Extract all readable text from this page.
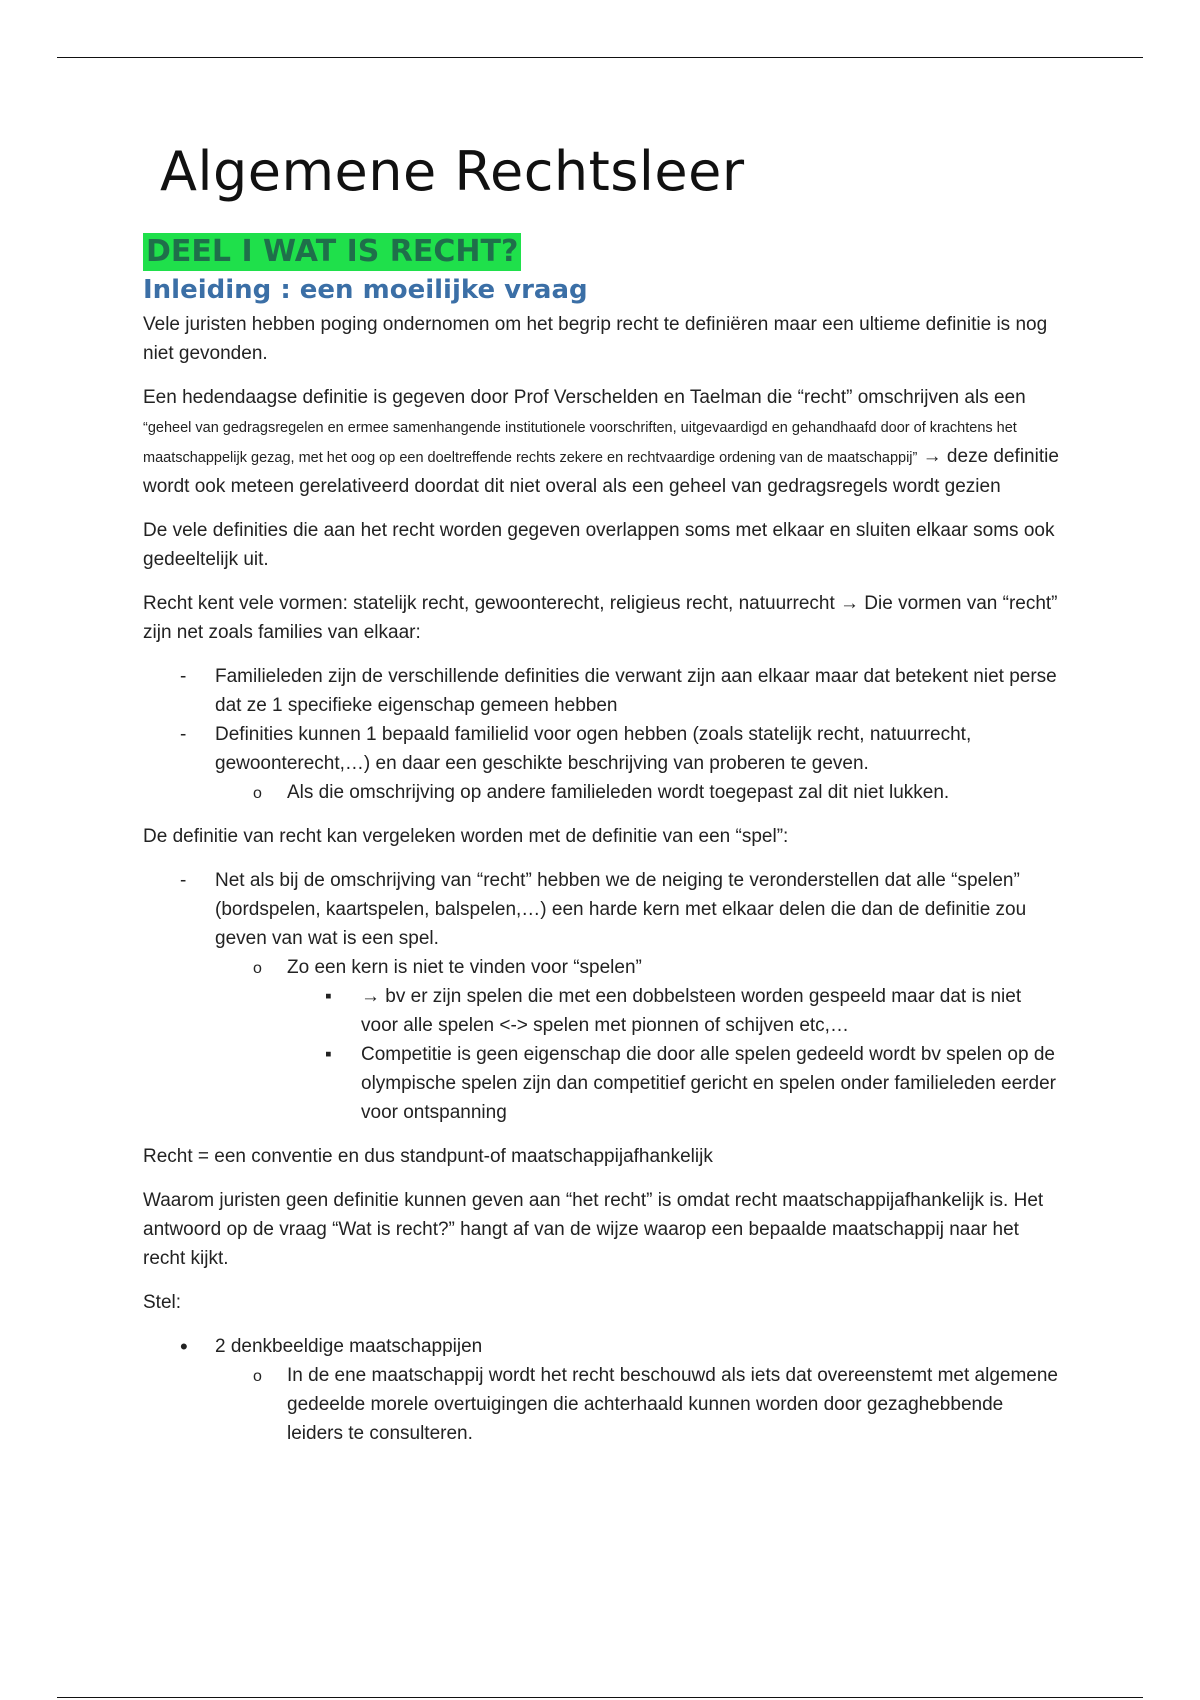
Algemene Rechtsleer
DEEL I WAT IS RECHT?
Inleiding : een moeilijke vraag

Vele juristen hebben poging ondernomen om het begrip recht te definiëren maar een ultieme definitie is nog niet gevonden.

Een hedendaagse definitie is gegeven door Prof Verschelden en Taelman die “recht” omschrijven als een “geheel van gedragsregelen en ermee samenhangende institutionele voorschriften, uitgevaardigd en gehandhaafd door of krachtens het maatschappelijk gezag, met het oog op een doeltreffende rechts zekere en rechtvaardige ordening van de maatschappij” → deze definitie wordt ook meteen gerelativeerd doordat dit niet overal als een geheel van gedragsregels wordt gezien

De vele definities die aan het recht worden gegeven overlappen soms met elkaar en sluiten elkaar soms ook gedeeltelijk uit.

Recht kent vele vormen: statelijk recht, gewoonterecht, religieus recht, natuurrecht → Die vormen van “recht” zijn net zoals families van elkaar:

-
Familieleden zijn de verschillende definities die verwant zijn aan elkaar maar dat betekent niet perse dat ze 1 specifieke eigenschap gemeen hebben
-
Definities kunnen 1 bepaald familielid voor ogen hebben (zoals statelijk recht, natuurrecht, gewoonterecht,…) en daar een geschikte beschrijving van proberen te geven.
o
Als die omschrijving op andere familieleden wordt toegepast zal dit niet lukken.

De definitie van recht kan vergeleken worden met de definitie van een “spel”:

-
Net als bij de omschrijving van “recht” hebben we de neiging te veronderstellen dat alle “spelen” (bordspelen, kaartspelen, balspelen,…) een harde kern met elkaar delen die dan de definitie zou geven van wat is een spel.
o
Zo een kern is niet te vinden voor “spelen”
▪
→ bv er zijn spelen die met een dobbelsteen worden gespeeld maar dat is niet voor alle spelen <-> spelen met pionnen of schijven etc,…
▪
Competitie is geen eigenschap die door alle spelen gedeeld wordt bv spelen op de olympische spelen zijn dan competitief gericht en spelen onder familieleden eerder voor ontspanning

Recht = een conventie en dus standpunt-of maatschappijafhankelijk

Waarom juristen geen definitie kunnen geven aan “het recht” is omdat recht maatschappijafhankelijk is. Het antwoord op de vraag “Wat is recht?” hangt af van de wijze waarop een bepaalde maatschappij naar het recht kijkt.

Stel:

•
2 denkbeeldige maatschappijen
o
In de ene maatschappij wordt het recht beschouwd als iets dat overeenstemt met algemene gedeelde morele overtuigingen die achterhaald kunnen worden door gezaghebbende leiders te consulteren.
